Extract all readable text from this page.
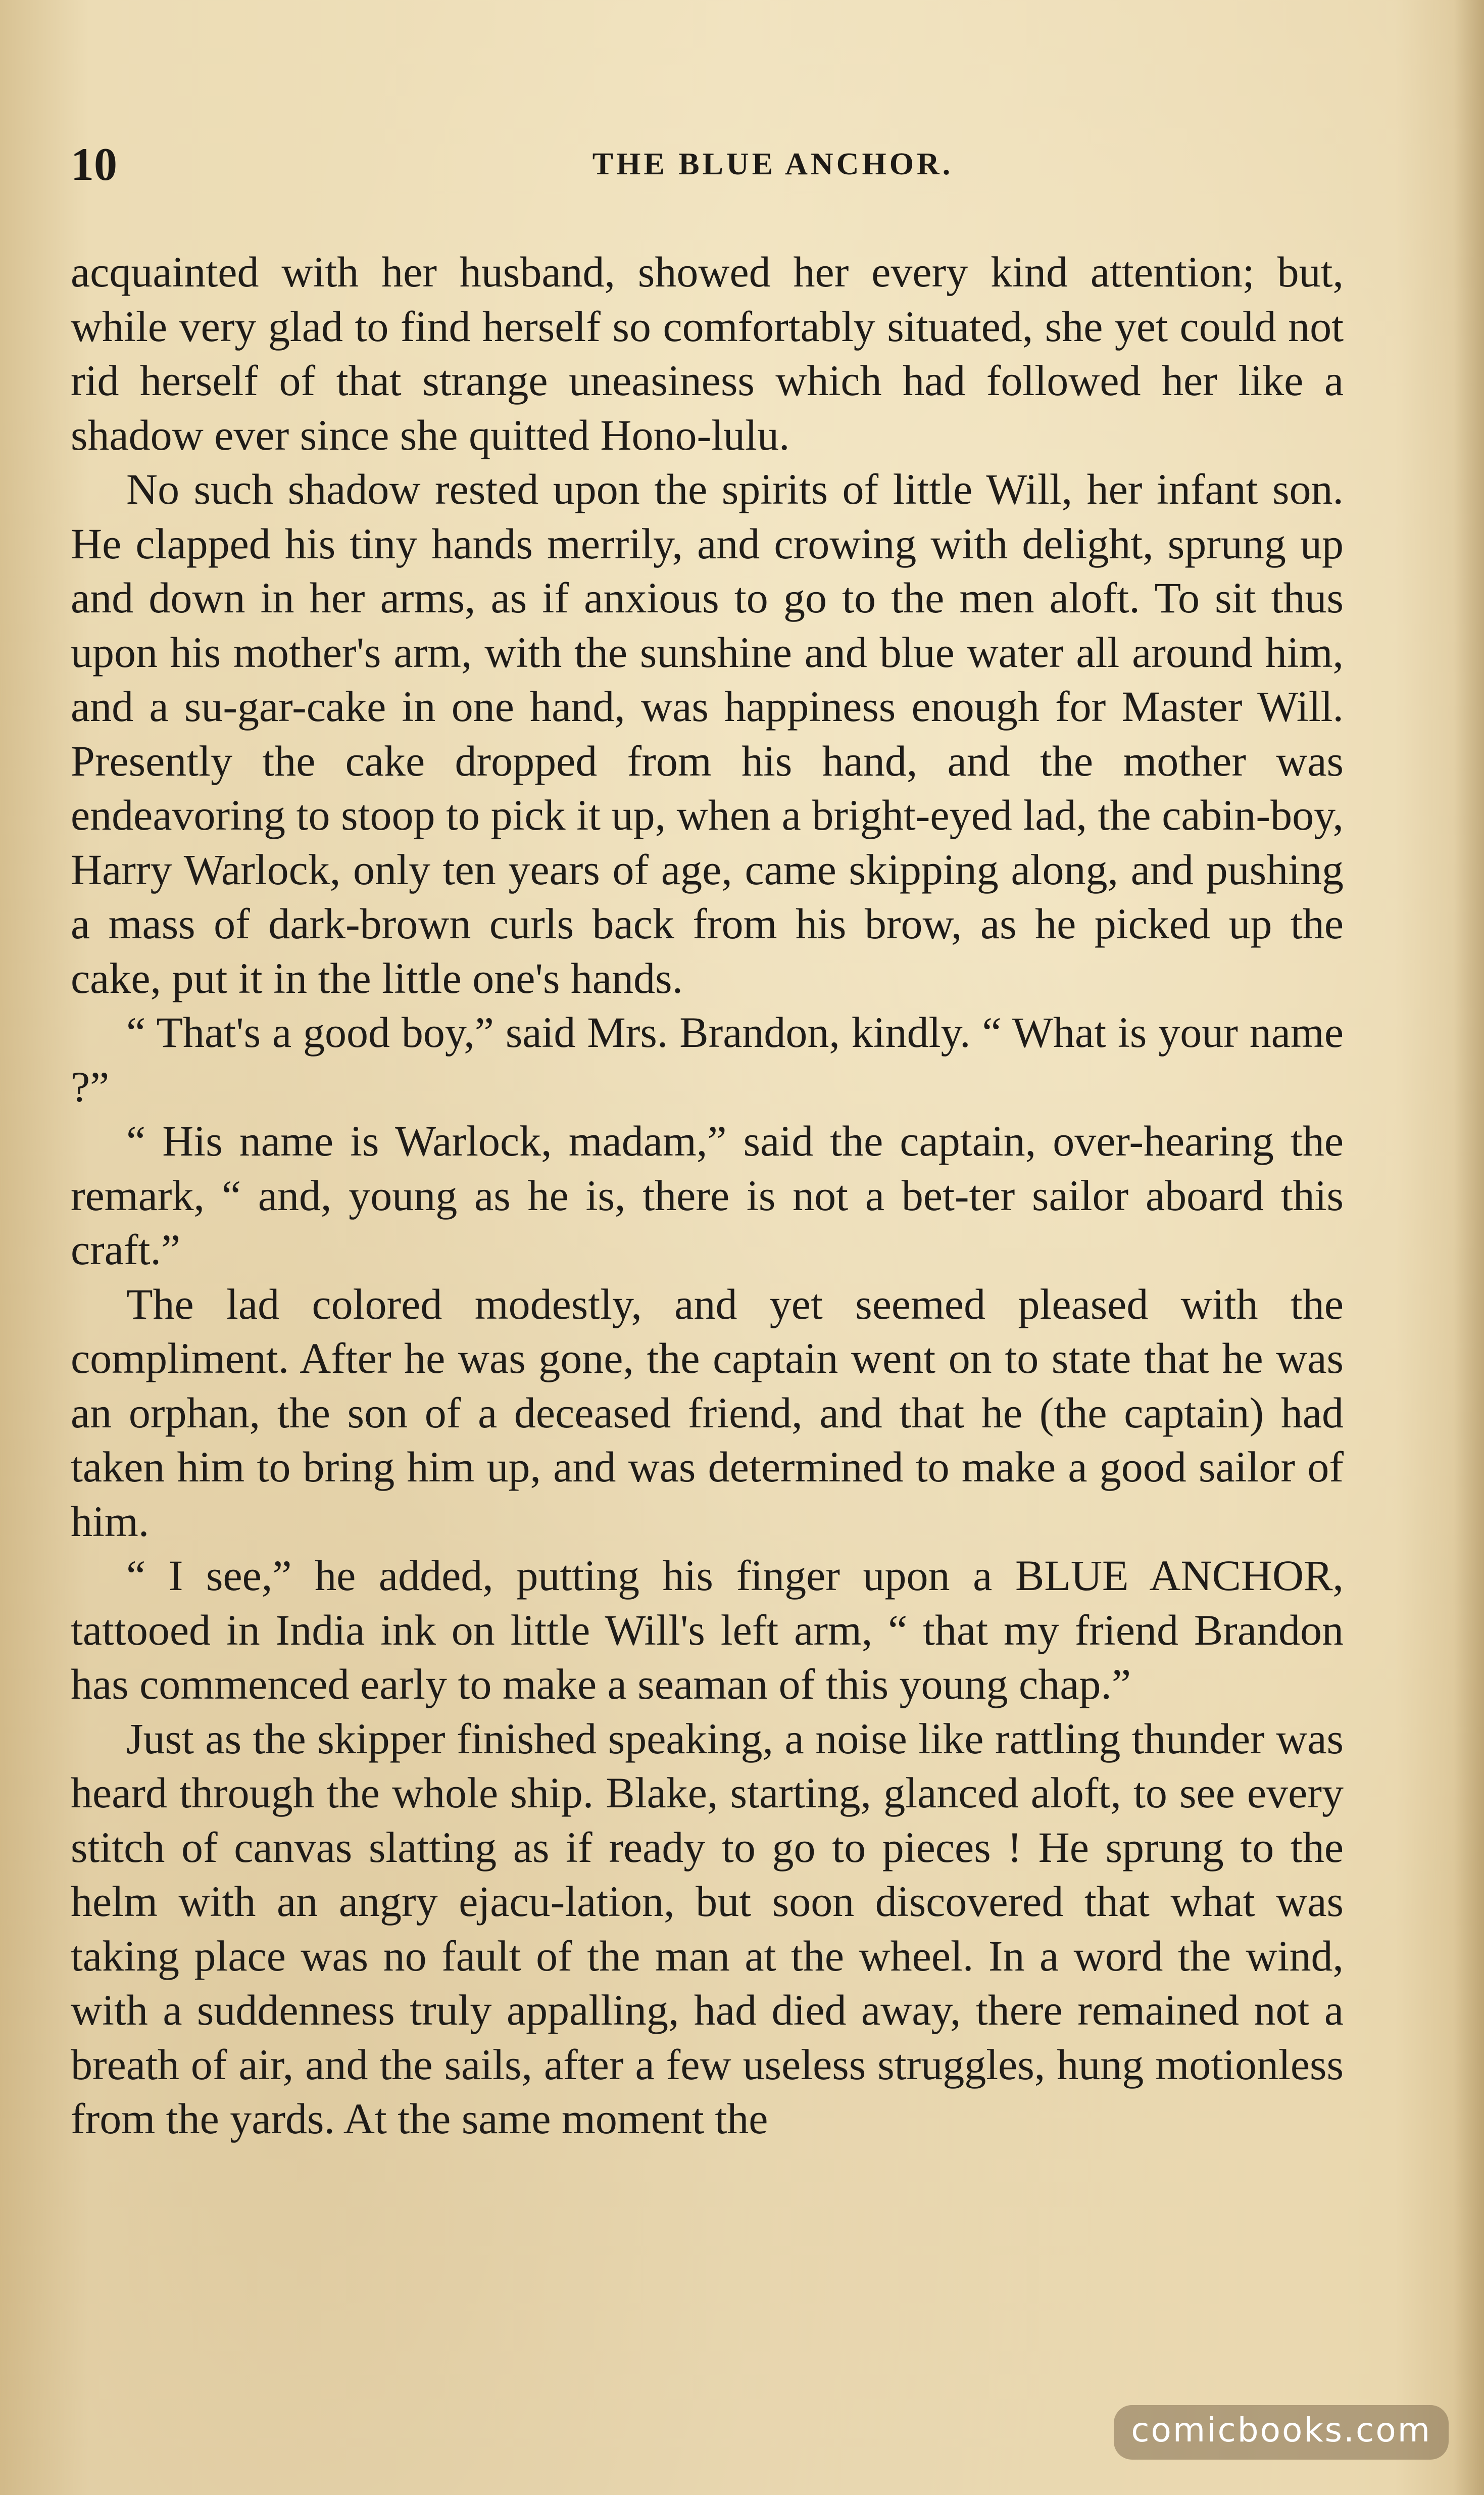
10	THE BLUE ANCHOR.

acquainted with her husband, showed her every kind attention; but, while very glad to find herself so comfortably situated, she yet could not rid herself of that strange uneasiness which had followed her like a shadow ever since she quitted Hono-lulu.

No such shadow rested upon the spirits of little Will, her infant son. He clapped his tiny hands merrily, and crowing with delight, sprung up and down in her arms, as if anxious to go to the men aloft. To sit thus upon his mother's arm, with the sunshine and blue water all around him, and a su-gar-cake in one hand, was happiness enough for Master Will. Presently the cake dropped from his hand, and the mother was endeavoring to stoop to pick it up, when a bright-eyed lad, the cabin-boy, Harry Warlock, only ten years of age, came skipping along, and pushing a mass of dark-brown curls back from his brow, as he picked up the cake, put it in the little one's hands.

“ That's a good boy,” said Mrs. Brandon, kindly. “ What is your name ?”

“ His name is Warlock, madam,” said the captain, over-hearing the remark, “ and, young as he is, there is not a bet-ter sailor aboard this craft.”

The lad colored modestly, and yet seemed pleased with the compliment. After he was gone, the captain went on to state that he was an orphan, the son of a deceased friend, and that he (the captain) had taken him to bring him up, and was determined to make a good sailor of him.

“ I see,” he added, putting his finger upon a BLUE ANCHOR, tattooed in India ink on little Will's left arm, “ that my friend Brandon has commenced early to make a seaman of this young chap.”

Just as the skipper finished speaking, a noise like rattling thunder was heard through the whole ship. Blake, starting, glanced aloft, to see every stitch of canvas slatting as if ready to go to pieces ! He sprung to the helm with an angry ejacu-lation, but soon discovered that what was taking place was no fault of the man at the wheel. In a word the wind, with a suddenness truly appalling, had died away, there remained not a breath of air, and the sails, after a few useless struggles, hung motionless from the yards. At the same moment the

comicbooks.com
